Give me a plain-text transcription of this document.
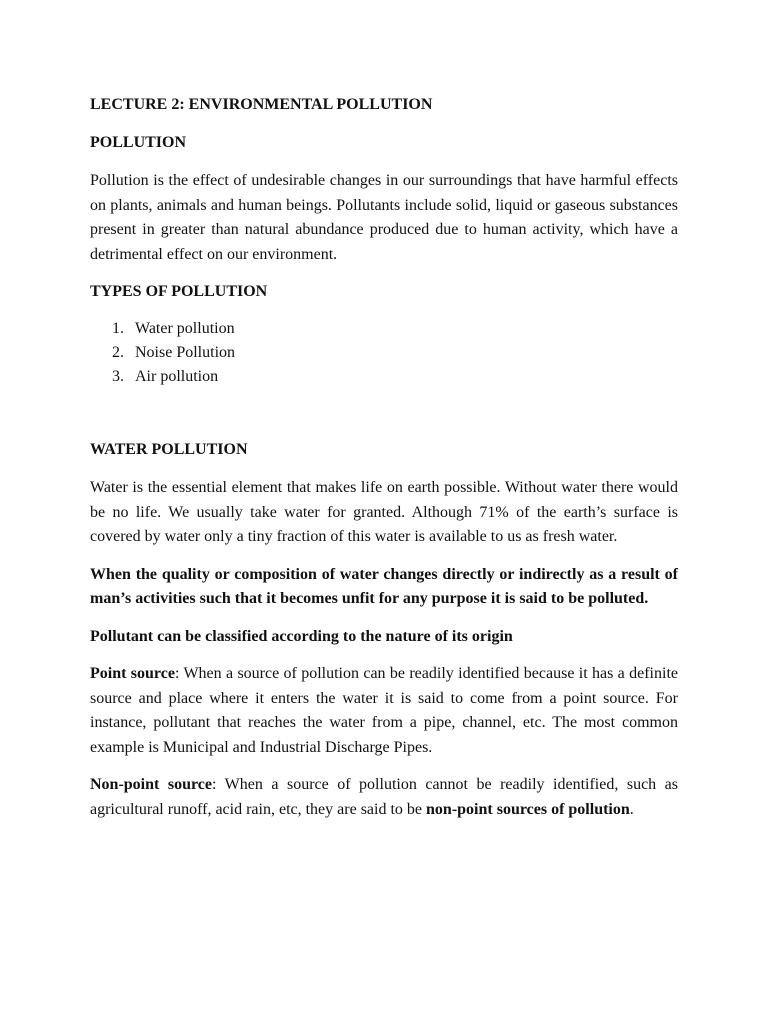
LECTURE 2: ENVIRONMENTAL POLLUTION

POLLUTION

Pollution is the effect of undesirable changes in our surroundings that have harmful effects on plants, animals and human beings. Pollutants include solid, liquid or gaseous substances present in greater than natural abundance produced due to human activity, which have a detrimental effect on our environment.

TYPES OF POLLUTION

1. Water pollution
2. Noise Pollution
3. Air pollution

WATER POLLUTION

Water is the essential element that makes life on earth possible. Without water there would be no life. We usually take water for granted. Although 71% of the earth’s surface is covered by water only a tiny fraction of this water is available to us as fresh water.

When the quality or composition of water changes directly or indirectly as a result of man’s activities such that it becomes unfit for any purpose it is said to be polluted.

Pollutant can be classified according to the nature of its origin

Point source: When a source of pollution can be readily identified because it has a definite source and place where it enters the water it is said to come from a point source. For instance, pollutant that reaches the water from a pipe, channel, etc. The most common example is Municipal and Industrial Discharge Pipes.

Non-point source: When a source of pollution cannot be readily identified, such as agricultural runoff, acid rain, etc, they are said to be non-point sources of pollution.
